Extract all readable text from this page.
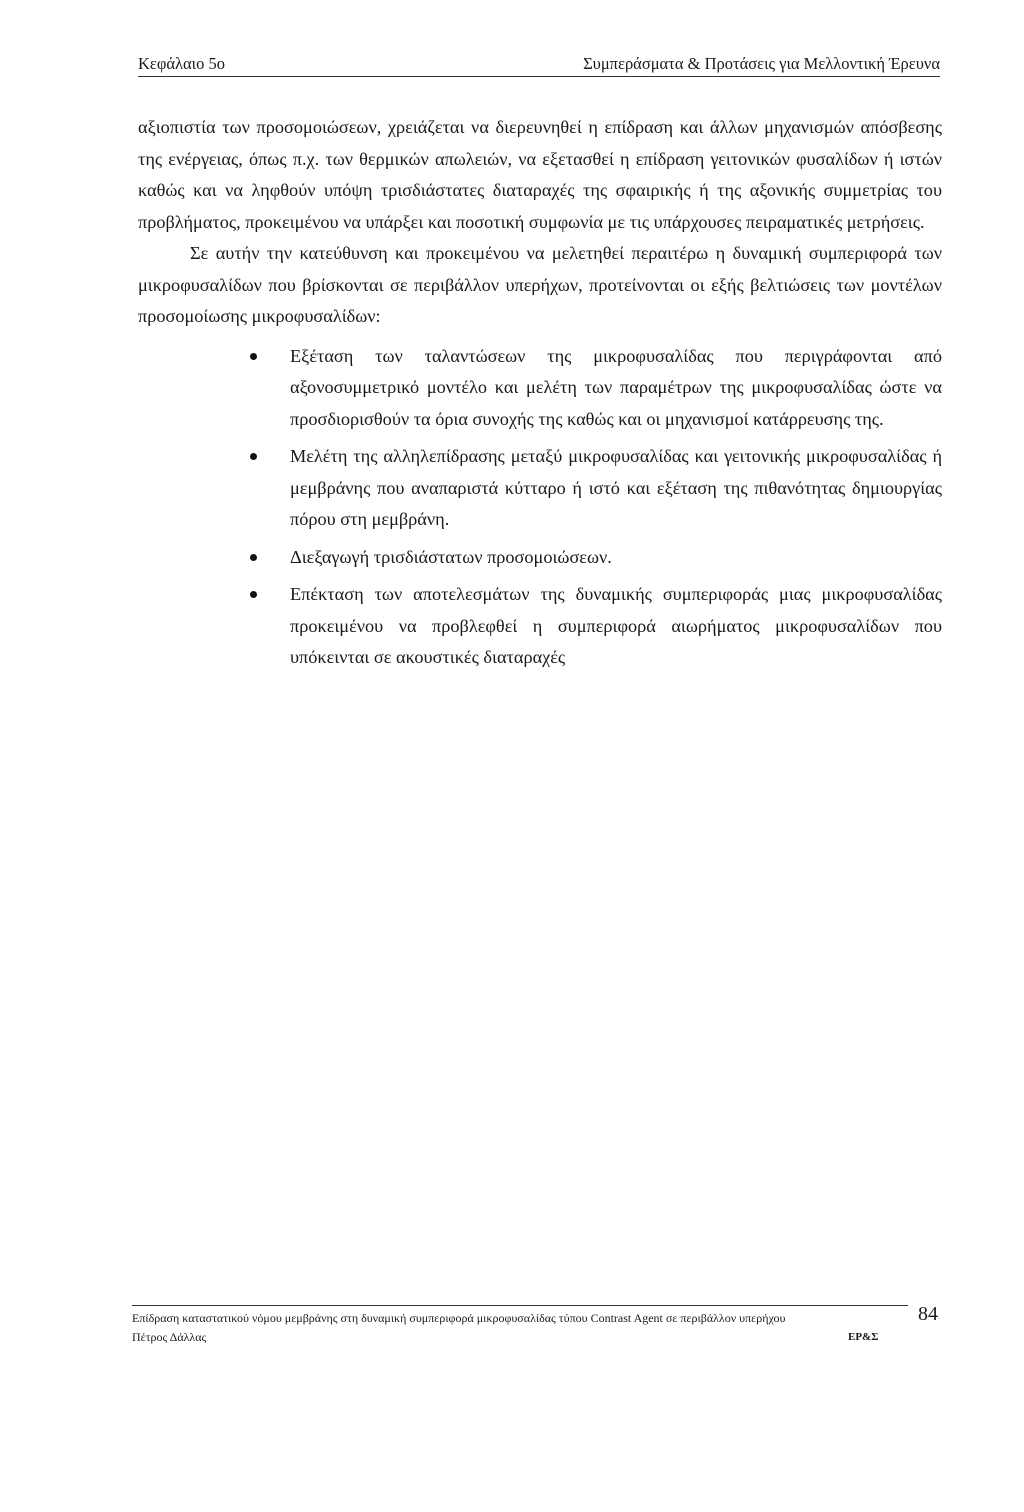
Κεφάλαιο 5ο	Συμπεράσματα & Προτάσεις για Μελλοντική Έρευνα

αξιοπιστία των προσομοιώσεων, χρειάζεται να διερευνηθεί η επίδραση και άλλων μηχανισμών απόσβεσης της ενέργειας, όπως π.χ. των θερμικών απωλειών, να εξετασθεί η επίδραση γειτονικών φυσαλίδων ή ιστών καθώς και να ληφθούν υπόψη τρισδιάστατες διαταραχές της σφαιρικής ή της αξονικής συμμετρίας του προβλήματος, προκειμένου να υπάρξει και ποσοτική συμφωνία με τις υπάρχουσες πειραματικές μετρήσεις.

Σε αυτήν την κατεύθυνση και προκειμένου να μελετηθεί περαιτέρω η δυναμική συμπεριφορά των μικροφυσαλίδων που βρίσκονται σε περιβάλλον υπερήχων, προτείνονται οι εξής βελτιώσεις των μοντέλων προσομοίωσης μικροφυσαλίδων:

Εξέταση των ταλαντώσεων της μικροφυσαλίδας που περιγράφονται από αξονοσυμμετρικό μοντέλο και μελέτη των παραμέτρων της μικροφυσαλίδας ώστε να προσδιορισθούν τα όρια συνοχής της καθώς και οι μηχανισμοί κατάρρευσης της.
Μελέτη της αλληλεπίδρασης μεταξύ μικροφυσαλίδας και γειτονικής μικροφυσαλίδας ή μεμβράνης που αναπαριστά κύτταρο ή ιστό και εξέταση της πιθανότητας δημιουργίας πόρου στη μεμβράνη.
Διεξαγωγή τρισδιάστατων προσομοιώσεων.
Επέκταση των αποτελεσμάτων της δυναμικής συμπεριφοράς μιας μικροφυσαλίδας προκειμένου να προβλεφθεί η συμπεριφορά αιωρήματος μικροφυσαλίδων που υπόκεινται σε ακουστικές διαταραχές
Επίδραση καταστατικού νόμου μεμβράνης στη δυναμική συμπεριφορά μικροφυσαλίδας τύπου Contrast Agent σε περιβάλλον υπερήχου
Πέτρος Δάλλας	ΕΡ&Σ
84
